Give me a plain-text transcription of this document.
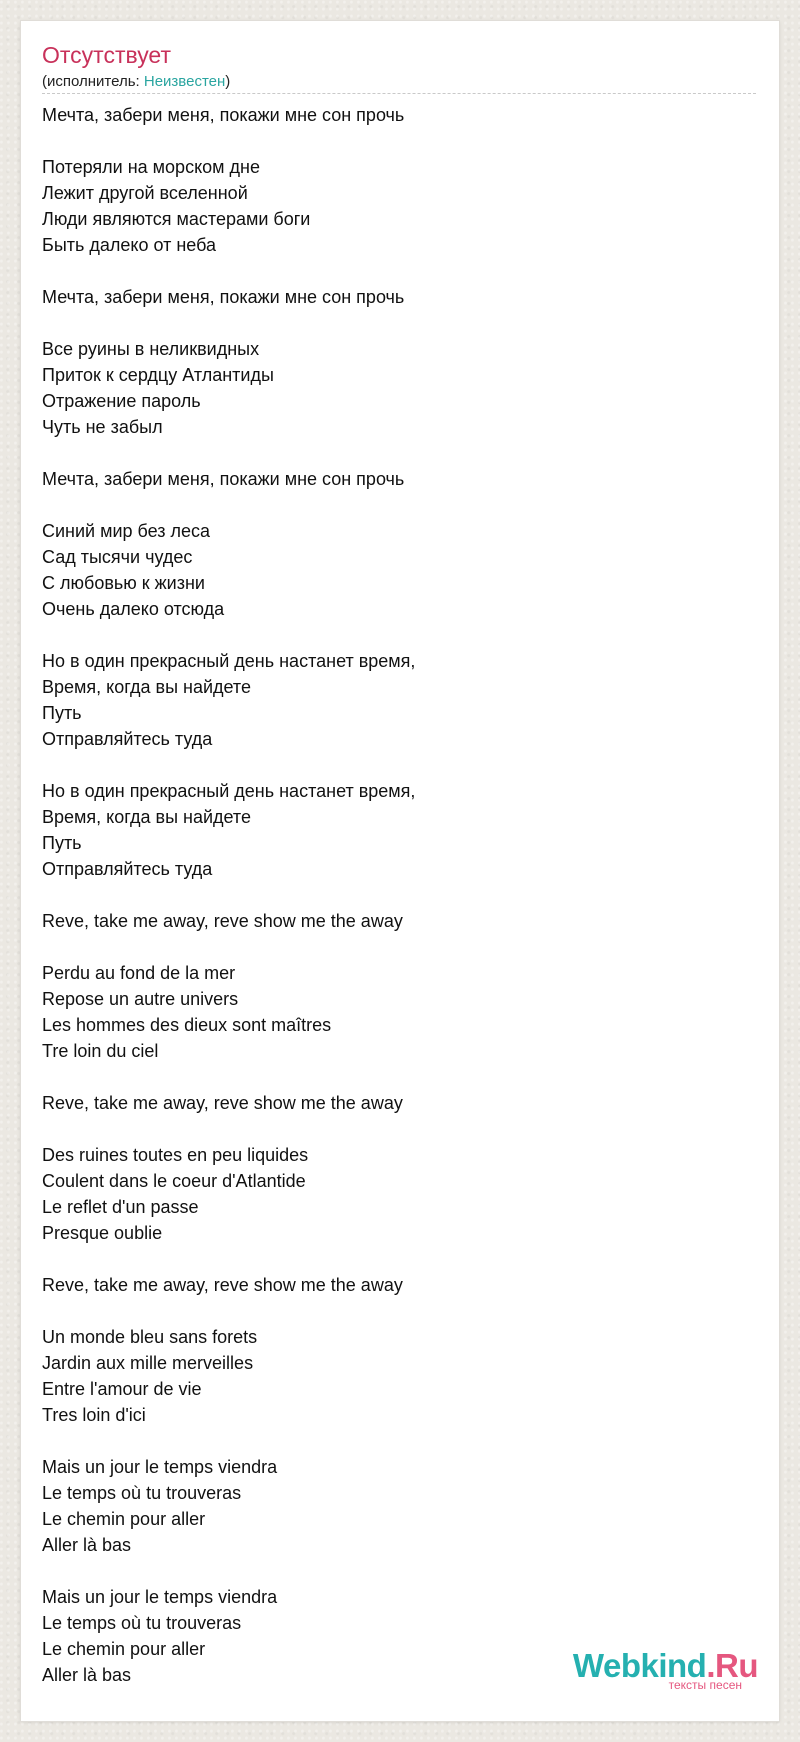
Отсутствует
(исполнитель: Неизвестен)
Мечта, забери меня, покажи мне сон прочь
Потеряли на морском дне
Лежит другой вселенной
Люди являются мастерами боги
Быть далеко от неба
Мечта, забери меня, покажи мне сон прочь
Все руины в неликвидных
Приток к сердцу Атлантиды
Отражение пароль
Чуть не забыл
Мечта, забери меня, покажи мне сон прочь
Синий мир без леса
Сад тысячи чудес
С любовью к жизни
Очень далеко отсюда
Но в один прекрасный день настанет время,
Время, когда вы найдете
Путь
Отправляйтесь туда
Но в один прекрасный день настанет время,
Время, когда вы найдете
Путь
Отправляйтесь туда
Reve, take me away, reve show me the away
Perdu au fond de la mer
Repose un autre univers
Les hommes des dieux sont maîtres
Tre loin du ciel
Reve, take me away, reve show me the away
Des ruines toutes en peu liquides
Coulent dans le coeur d'Atlantide
Le reflet d'un passe
Presque oublie
Reve, take me away, reve show me the away
Un monde bleu sans forets
Jardin aux mille merveilles
Entre l'amour de vie
Tres loin d'ici
Mais un jour le temps viendra
Le temps où tu trouveras
Le chemin pour aller
Aller là bas
Mais un jour le temps viendra
Le temps où tu trouveras
Le chemin pour aller
Aller là bas	Webkind.Ru
тексты песен
